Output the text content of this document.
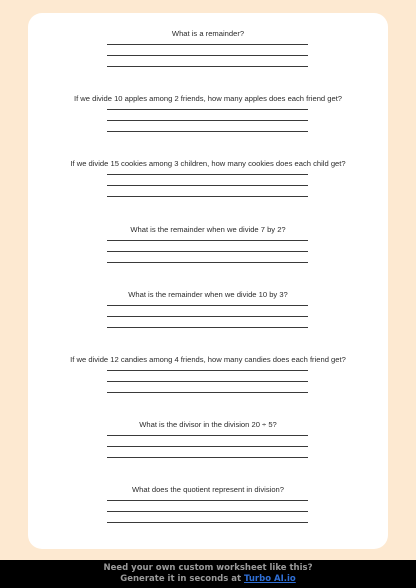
What is a remainder?
If we divide 10 apples among 2 friends, how many apples does each friend get?
If we divide 15 cookies among 3 children, how many cookies does each child get?
What is the remainder when we divide 7 by 2?
What is the remainder when we divide 10 by 3?
If we divide 12 candies among 4 friends, how many candies does each friend get?
What is the divisor in the division 20 ÷ 5?
What does the quotient represent in division?
Need your own custom worksheet like this?
Generate it in seconds at Turbo AI.io
